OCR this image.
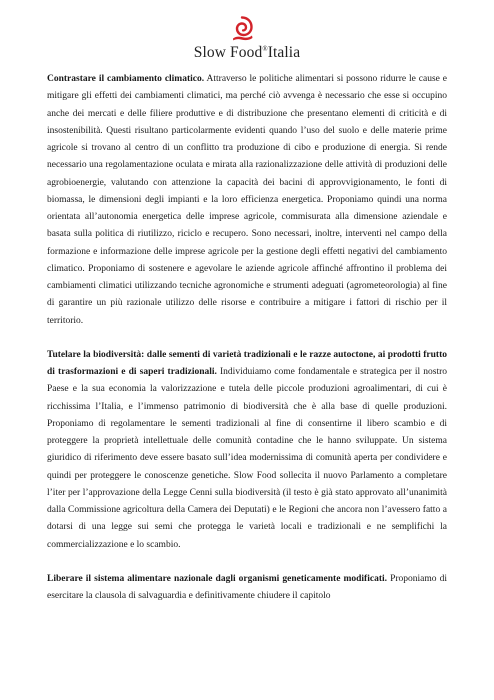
Slow Food®Italia

Contrastare il cambiamento climatico. Attraverso le politiche alimentari si possono ridurre le cause e mitigare gli effetti dei cambiamenti climatici, ma perché ciò avvenga è necessario che esse si occupino anche dei mercati e delle filiere produttive e di distribuzione che presentano elementi di criticità e di insostenibilità. Questi risultano particolarmente evidenti quando l’uso del suolo e delle materie prime agricole si trovano al centro di un conflitto tra produzione di cibo e produzione di energia. Si rende necessario una regolamentazione oculata e mirata alla razionalizzazione delle attività di produzioni delle agrobioenergie, valutando con attenzione la capacità dei bacini di approvvigionamento, le fonti di biomassa, le dimensioni degli impianti e la loro efficienza energetica. Proponiamo quindi una norma orientata all’autonomia energetica delle imprese agricole, commisurata alla dimensione aziendale e basata sulla politica di riutilizzo, riciclo e recupero. Sono necessari, inoltre, interventi nel campo della formazione e informazione delle imprese agricole per la gestione degli effetti negativi del cambiamento climatico. Proponiamo di sostenere e agevolare le aziende agricole affinché affrontino il problema dei cambiamenti climatici utilizzando tecniche agronomiche e strumenti adeguati (agrometeorologia) al fine di garantire un più razionale utilizzo delle risorse e contribuire a mitigare i fattori di rischio per il territorio.

Tutelare la biodiversità: dalle sementi di varietà tradizionali e le razze autoctone, ai prodotti frutto di trasformazioni e di saperi tradizionali. Individuiamo come fondamentale e strategica per il nostro Paese e la sua economia la valorizzazione e tutela delle piccole produzioni agroalimentari, di cui è ricchissima l’Italia, e l’immenso patrimonio di biodiversità che è alla base di quelle produzioni. Proponiamo di regolamentare le sementi tradizionali al fine di consentirne il libero scambio e di proteggere la proprietà intellettuale delle comunità contadine che le hanno sviluppate. Un sistema giuridico di riferimento deve essere basato sull’idea modernissima di comunità aperta per condividere e quindi per proteggere le conoscenze genetiche. Slow Food sollecita il nuovo Parlamento a completare l’iter per l’approvazione della Legge Cenni sulla biodiversità (il testo è già stato approvato all’unanimità dalla Commissione agricoltura della Camera dei Deputati) e le Regioni che ancora non l’avessero fatto a dotarsi di una legge sui semi che protegga le varietà locali e tradizionali e ne semplifichi la commercializzazione e lo scambio.

Liberare il sistema alimentare nazionale dagli organismi geneticamente modificati. Proponiamo di esercitare la clausola di salvaguardia e definitivamente chiudere il capitolo
